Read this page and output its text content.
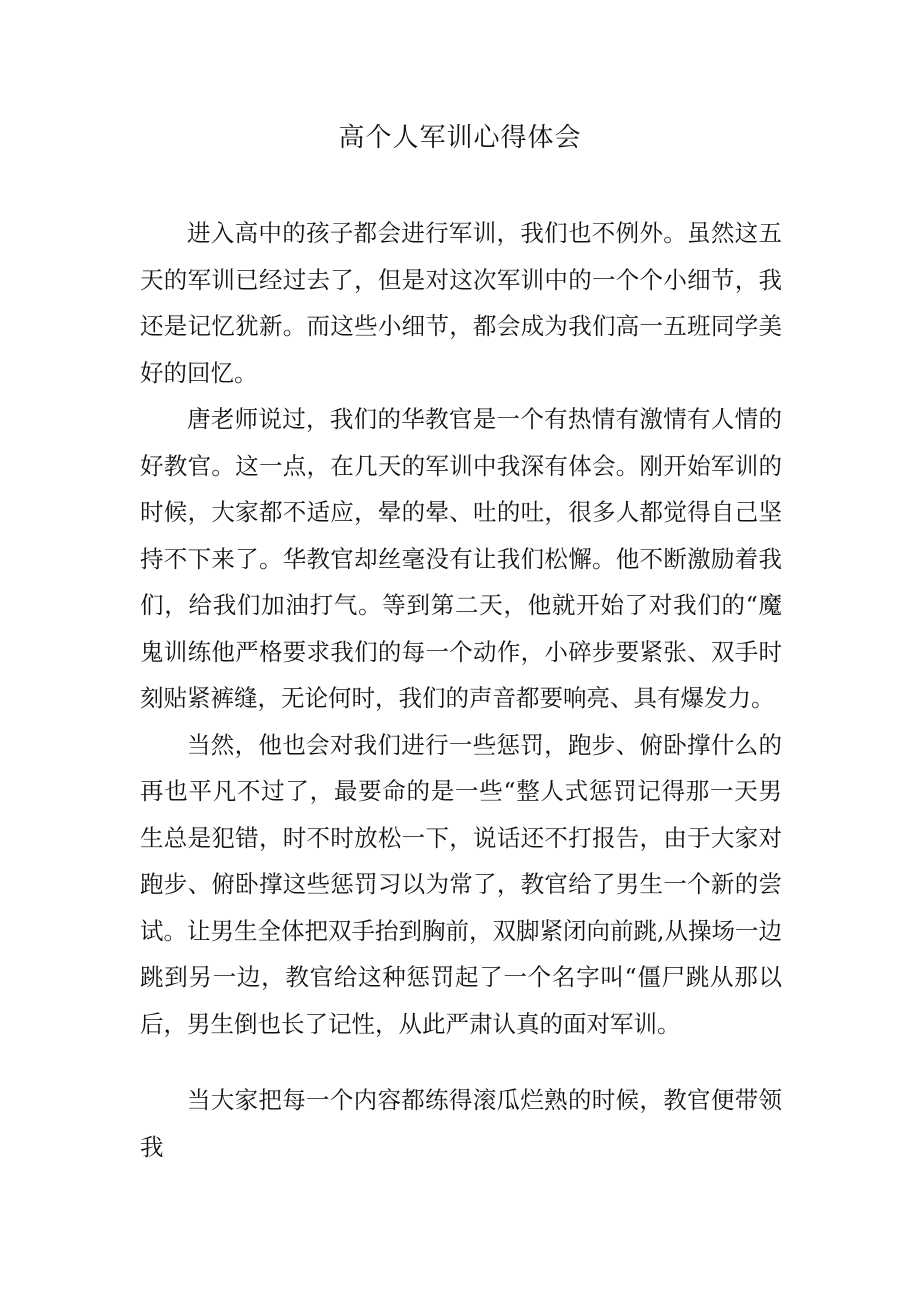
高个人军训心得体会

进入高中的孩子都会进行军训，我们也不例外。虽然这五天的军训已经过去了，但是对这次军训中的一个个小细节，我还是记忆犹新。而这些小细节，都会成为我们高一五班同学美好的回忆。

唐老师说过，我们的华教官是一个有热情有激情有人情的好教官。这一点，在几天的军训中我深有体会。刚开始军训的时候，大家都不适应，晕的晕、吐的吐，很多人都觉得自己坚持不下来了。华教官却丝毫没有让我们松懈。他不断激励着我们，给我们加油打气。等到第二天，他就开始了对我们的“魔鬼训练他严格要求我们的每一个动作，小碎步要紧张、双手时刻贴紧裤缝，无论何时，我们的声音都要响亮、具有爆发力。

当然，他也会对我们进行一些惩罚，跑步、俯卧撑什么的再也平凡不过了，最要命的是一些“整人式惩罚记得那一天男生总是犯错，时不时放松一下，说话还不打报告，由于大家对跑步、俯卧撑这些惩罚习以为常了，教官给了男生一个新的尝试。让男生全体把双手抬到胸前，双脚紧闭向前跳,从操场一边跳到另一边，教官给这种惩罚起了一个名字叫“僵尸跳从那以后，男生倒也长了记性，从此严肃认真的面对军训。

当大家把每一个内容都练得滚瓜烂熟的时候，教官便带领我
